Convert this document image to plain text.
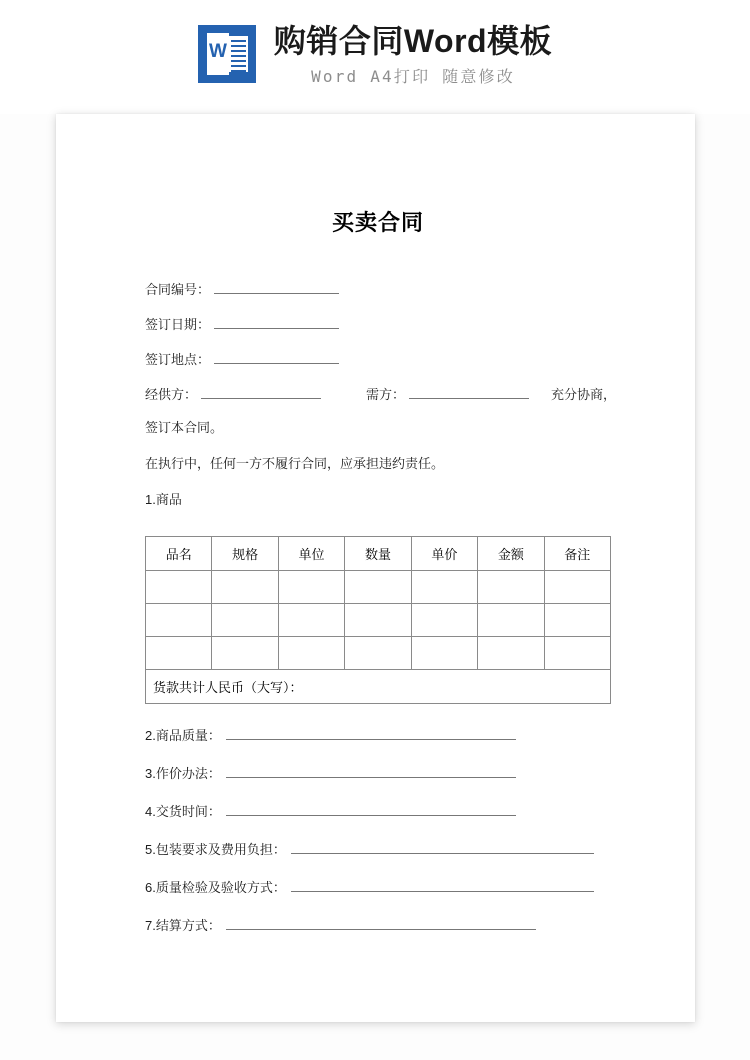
W 购销合同Word模板
Word A4打印 随意修改
买卖合同
合同编号：
签订日期：
签订地点：
经供方：	需方：	充分协商，
签订本合同。
在执行中，任何一方不履行合同，应承担违约责任。
1.商品
品名	规格	单位	数量	单价	金额	备注

货款共计人民币（大写）：						
2.商品质量：
3.作价办法：
4.交货时间：
5.包装要求及费用负担：
6.质量检验及验收方式：
7.结算方式：
